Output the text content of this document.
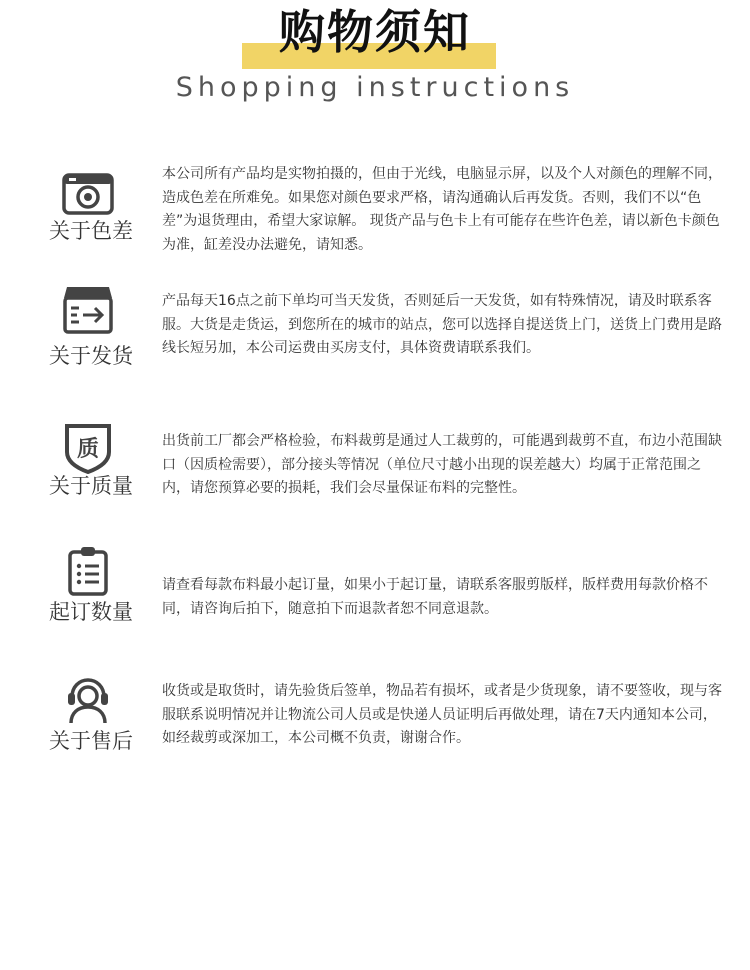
购物须知
Shopping instructions
关于色差

本公司所有产品均是实物拍摄的，但由于光线，电脑显示屏，以及个人对颜色的理解不同，造成色差在所难免。如果您对颜色要求严格，请沟通确认后再发货。否则，我们不以“色差”为退货理由，希望大家谅解。 现货产品与色卡上有可能存在些许色差，请以新色卡颜色为准，缸差没办法避免，请知悉。

关于发货

产品每天16点之前下单均可当天发货，否则延后一天发货，如有特殊情况，请及时联系客服。大货是走货运，到您所在的城市的站点，您可以选择自提送货上门，送货上门费用是路线长短另加，本公司运费由买房支付，具体资费请联系我们。

质
关于质量

出货前工厂都会严格检验，布料裁剪是通过人工裁剪的，可能遇到裁剪不直，布边小范围缺口（因质检需要），部分接头等情况（单位尺寸越小出现的误差越大）均属于正常范围之内，请您预算必要的损耗，我们会尽量保证布料的完整性。

起订数量

请查看每款布料最小起订量，如果小于起订量，请联系客服剪版样，版样费用每款价格不同，请咨询后拍下，随意拍下而退款者恕不同意退款。

关于售后

收货或是取货时，请先验货后签单，物品若有损坏，或者是少货现象，请不要签收，现与客服联系说明情况并让物流公司人员或是快递人员证明后再做处理，请在7天内通知本公司，如经裁剪或深加工，本公司概不负责，谢谢合作。
